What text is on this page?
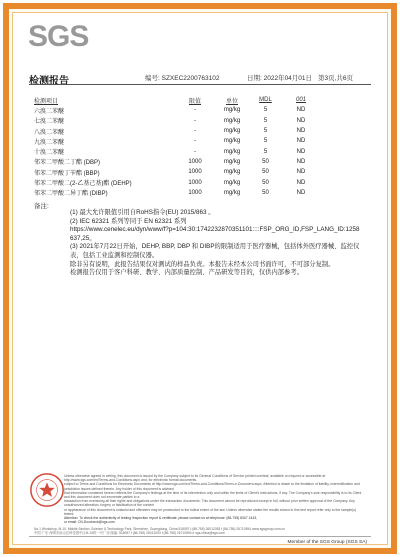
SGS
检测报告	编号: SZXEC2200763102	日期: 2022年04月01日 第3页,共6页
检测项目	限值	单位	MDL	001
六溴二苯醚	-	mg/kg	5	ND
七溴二苯醚	-	mg/kg	5	ND
八溴二苯醚	-	mg/kg	5	ND
九溴二苯醚	-	mg/kg	5	ND
十溴二苯醚	-	mg/kg	5	ND
邻苯二甲酸二丁酯 (DBP)	1000	mg/kg	50	ND
邻苯二甲酸丁苄酯 (BBP)	1000	mg/kg	50	ND
邻苯二甲酸二(2-乙基己基)酯 (DEHP)	1000	mg/kg	50	ND
邻苯二甲酸二异丁酯 (DIBP)	1000	mg/kg	50	ND
备注:

(1) 最大允许限值引用自RoHS指令(EU) 2015/863 。

(2) IEC 62321 系列等同于 EN 62321 系列

https://www.cenelec.eu/dyn/www/f?p=104:30:1742232870351101::::FSP_ORG_ID,FSP_LANG_ID:1258637,25。

(3) 2021年7月22日开始，DEHP, BBP, DBP 和 DIBP的限制适用于医疗器械，包括体外医疗器械、监控仪表，包括工业监测和控制仪器。

除非另有说明，此报告结果仅对测试的样品负责。本报告未经本公司书面许可，不可部分复制。

检测报告仅用于客户科研、教学、内部质量控制、产品研发等目的，仅供内部参考。

Unless otherwise agreed in writing, this document is issued by the Company subject to its General Conditions of Service printed overleaf, available on request or accessible at http://www.sgs.com/en/Terms-and-Conditions.aspx and, for electronic format documents,

subject to Terms and Conditions for Electronic Documents at http://www.sgs.com/en/Terms-and-Conditions/Terms-e-Document.aspx. Attention is drawn to the limitation of liability, indemnification and jurisdiction issues defined therein. Any holder of this document is advised

that information contained hereon reflects the Company's findings at the time of its intervention only and within the limits of Client's instructions, if any. The Company's sole responsibility is to its Client and this document does not exonerate parties to a

transaction from exercising all their rights and obligations under the transaction documents. This document cannot be reproduced except in full, without prior written approval of the Company. Any unauthorized alteration, forgery or falsification of the content

or appearance of this document is unlawful and offenders may be prosecuted to the fullest extent of the law. Unless otherwise stated the results shown in this test report refer only to the sample(s) tested.

Attention: To check the authenticity of testing /inspection report & certificate, please contact us at telephone: (86-755) 8307 1443,

or email: CN.Doccheck@sgs.com

No.1 Workshop, M-10, Middle Section, Science & Technology Park, Shenzhen, Guangdong, China 518057 t (86-755) 26012053 f (86-755) 26710594 www.sgsgroup.com.cn

中国·广东·深圳市南山区科技园中区M-10栋一号厂房 邮编: 518057 t (86-755) 26012053 f (86-755) 26710594 e sgs.china@sgs.com

Member of the SGS Group (SGS SA)
